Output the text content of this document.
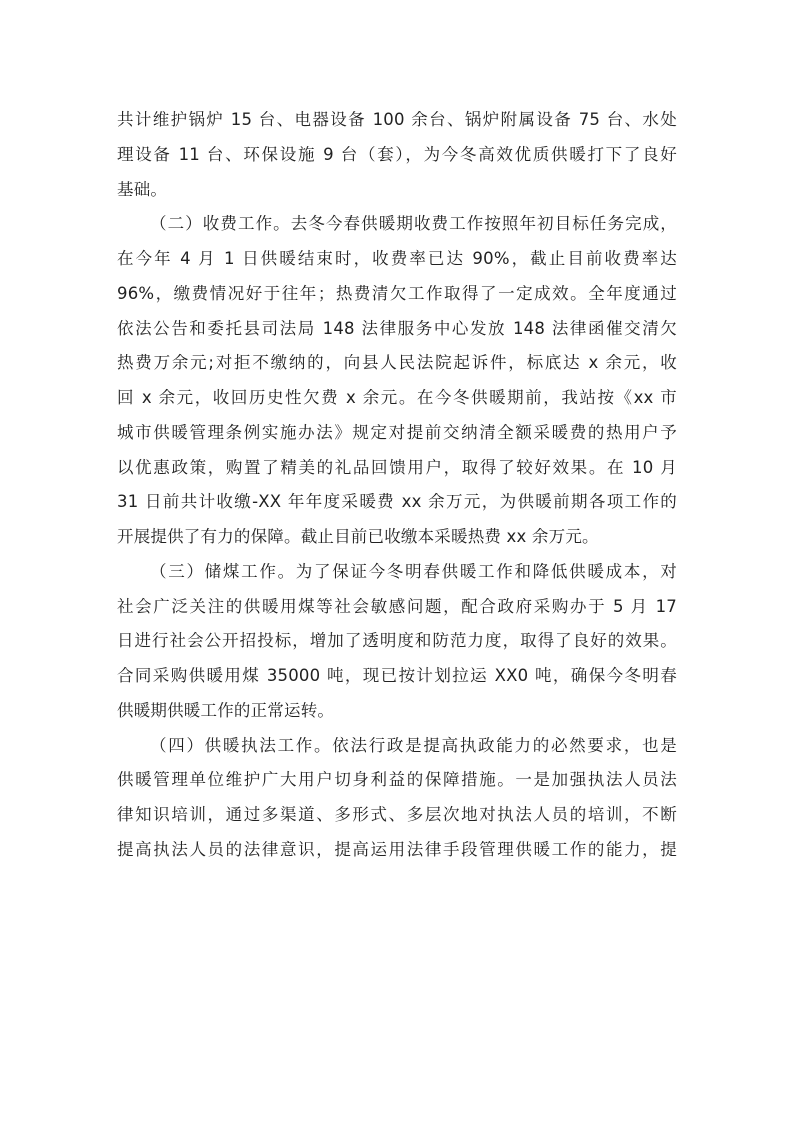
共计维护锅炉 15 台、电器设备 100 余台、锅炉附属设备 75 台、水处
理设备 11 台、环保设施 9 台（套），为今冬高效优质供暖打下了良好
基础。
（二）收费工作。去冬今春供暖期收费工作按照年初目标任务完成，
在今年 4 月 1 日供暖结束时，收费率已达 90%，截止目前收费率达
96%，缴费情况好于往年；热费清欠工作取得了一定成效。全年度通过
依法公告和委托县司法局 148 法律服务中心发放 148 法律函催交清欠
热费万余元;对拒不缴纳的，向县人民法院起诉件，标底达 x 余元，收
回 x 余元，收回历史性欠费 x 余元。在今冬供暖期前，我站按《xx 市
城市供暖管理条例实施办法》规定对提前交纳清全额采暖费的热用户予
以优惠政策，购置了精美的礼品回馈用户，取得了较好效果。在 10 月
31 日前共计收缴-XX 年年度采暖费 xx 余万元，为供暖前期各项工作的
开展提供了有力的保障。截止目前已收缴本采暖热费 xx 余万元。
（三）储煤工作。为了保证今冬明春供暖工作和降低供暖成本，对
社会广泛关注的供暖用煤等社会敏感问题，配合政府采购办于 5 月 17
日进行社会公开招投标，增加了透明度和防范力度，取得了良好的效果。
合同采购供暖用煤 35000 吨，现已按计划拉运 XX0 吨，确保今冬明春
供暖期供暖工作的正常运转。
（四）供暖执法工作。依法行政是提高执政能力的必然要求，也是
供暖管理单位维护广大用户切身利益的保障措施。一是加强执法人员法
律知识培训，通过多渠道、多形式、多层次地对执法人员的培训，不断
提高执法人员的法律意识，提高运用法律手段管理供暖工作的能力，提
